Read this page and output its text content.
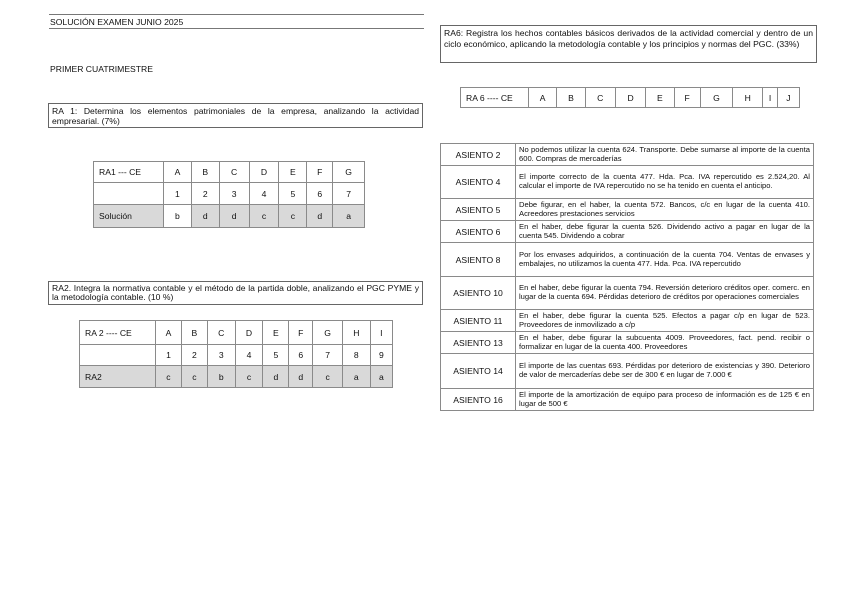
SOLUCIÓN EXAMEN JUNIO 2025
PRIMER CUATRIMESTRE
RA 1: Determina los elementos patrimoniales de la empresa, analizando la actividad empresarial. (7%)
RA1 --- CE	A	B	C	D	E	F	G
	1	2	3	4	5	6	7
Solución	b	d	d	c	c	d	a
RA2. Integra la normativa contable y el método de la partida doble, analizando el PGC PYME y la metodología contable. (10 %)
RA 2 ---- CE	A	B	C	D	E	F	G	H	I
	1	2	3	4	5	6	7	8	9
RA2	c	c	b	c	d	d	c	a	a
RA6: Registra los hechos contables básicos derivados de la actividad comercial y dentro de un ciclo económico, aplicando la metodología contable y los principios y normas del PGC. (33%)
RA 6 ---- CE	A	B	C	D	E	F	G	H	I	J
ASIENTO 2	No podemos utilizar la cuenta 624. Transporte. Debe sumarse al importe de la cuenta 600. Compras de mercaderías
ASIENTO 4	El importe correcto de la cuenta 477. Hda. Pca. IVA repercutido es 2.524,20. Al calcular el importe de IVA repercutido no se ha tenido en cuenta el anticipo.
ASIENTO 5	Debe figurar, en el haber, la cuenta 572. Bancos, c/c en lugar de la cuenta 410. Acreedores prestaciones servicios
ASIENTO 6	En el haber, debe figurar la cuenta 526. Dividendo activo a pagar en lugar de la cuenta 545. Dividendo a cobrar
ASIENTO 8	Por los envases adquiridos, a continuación de la cuenta 704. Ventas de envases y embalajes, no utilizamos la cuenta 477. Hda. Pca. IVA repercutido
ASIENTO 10	En el haber, debe figurar la cuenta 794. Reversión deterioro créditos oper. comerc. en lugar de la cuenta 694. Pérdidas deterioro de créditos por operaciones comerciales
ASIENTO 11	En el haber, debe figurar la cuenta 525. Efectos a pagar c/p en lugar de 523. Proveedores de inmovilizado a c/p
ASIENTO 13	En el haber, debe figurar la subcuenta 4009. Proveedores, fact. pend. recibir o formalizar en lugar de la cuenta 400. Proveedores
ASIENTO 14	El importe de las cuentas 693. Pérdidas por deterioro de existencias y 390. Deterioro de valor de mercaderías debe ser de 300 € en lugar de 7.000 €
ASIENTO 16	El importe de la amortización de equipo para proceso de información es de 125 € en lugar de 500 €
